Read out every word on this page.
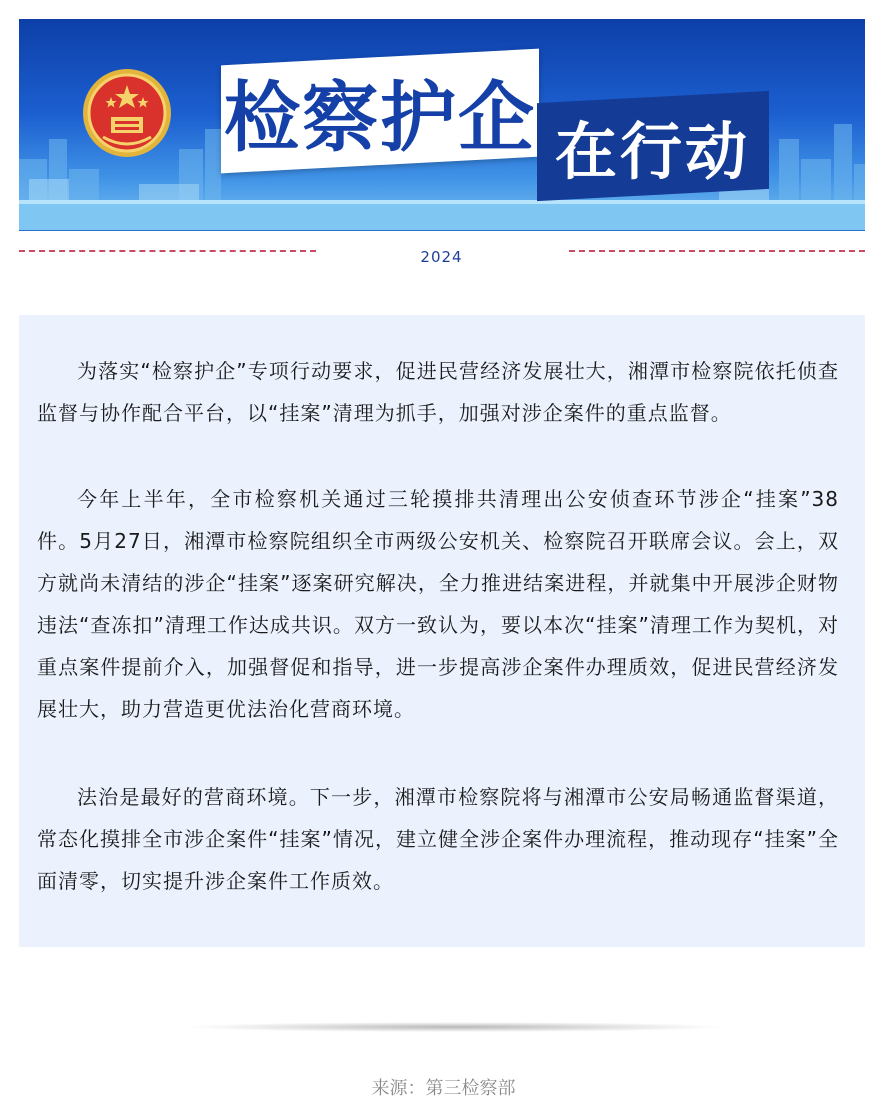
检察护企 在行动
2024

为落实“检察护企”专项行动要求，促进民营经济发展壮大，湘潭市检察院依托侦查监督与协作配合平台，以“挂案”清理为抓手，加强对涉企案件的重点监督。

今年上半年，全市检察机关通过三轮摸排共清理出公安侦查环节涉企“挂案”38件。5月27日，湘潭市检察院组织全市两级公安机关、检察院召开联席会议。会上，双方就尚未清结的涉企“挂案”逐案研究解决，全力推进结案进程，并就集中开展涉企财物违法“查冻扣”清理工作达成共识。双方一致认为，要以本次“挂案”清理工作为契机，对重点案件提前介入，加强督促和指导，进一步提高涉企案件办理质效，促进民营经济发展壮大，助力营造更优法治化营商环境。

法治是最好的营商环境。下一步，湘潭市检察院将与湘潭市公安局畅通监督渠道，常态化摸排全市涉企案件“挂案”情况，建立健全涉企案件办理流程，推动现存“挂案”全面清零，切实提升涉企案件工作质效。

来源：第三检察部
